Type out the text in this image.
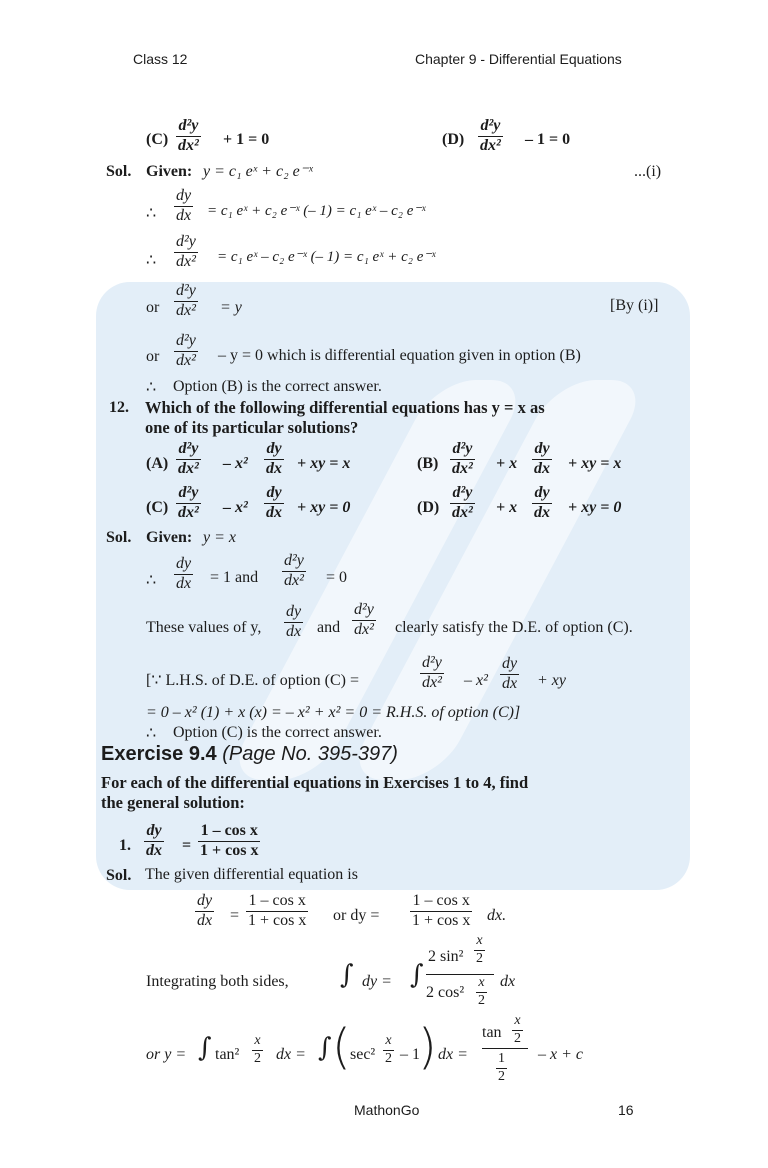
Class 12	Chapter 9 - Differential Equations
$(C) \frac{\text{d²y}}{\text{dx²}} + 1 = 0$	$(D) \frac{\text{d²y}}{\text{dx²}} - 1 = 0$
Sol. Given: y = c₁ eˣ + c₂ e⁻ˣ	...(i)
∴ $\frac{dy}{dx} = c_1$ eˣ + c₂ e⁻ˣ (– 1) = c₁ eˣ – c₂ e⁻ˣ
∴ $\frac{\text{d²y}}{\text{dx²}} = c_1$ eˣ – c₂ e⁻ˣ (– 1) = c₁ eˣ + c₂ e⁻ˣ
or $\frac{\text{d²y}}{\text{dx²}} = y$	[By (i)]
or $\frac{\text{d²y}}{\text{dx²}} - y = 0$ which is differential equation given in option (B)
∴ Option (B) is the correct answer.
12. Which of the following differential equations has y = x as
one of its particular solutions?
$(A) \frac{\text{d²y}}{\text{dx²}} - x^2 \frac{dy}{dx}$ + xy = x	$(B) \frac{\text{d²y}}{\text{dx²}} + x \frac{dy}{dx}$ + xy = x
$(C) \frac{\text{d²y}}{\text{dx²}} - x^2 \frac{dy}{dx}$ + xy = 0	$(D) \frac{\text{d²y}}{\text{dx²}} + x \frac{dy}{dx}$ + xy = 0
Sol. Given: y = x
∴ $\frac{dy}{dx} = 1$ and $\frac{\text{d²y}}{\text{dx²}} = 0$
These values of y, $\frac{dy}{dx}$ and $\frac{\text{d²y}}{\text{dx²}}$ clearly satisfy the D.E. of option (C).
[∵ L.H.S. of D.E. of option (C) =	$\frac{\text{d²y}}{\text{dx²}} - x^2 \frac{dy}{dx}$ + xy
= 0 – x² (1) + x (x) = – x² + x² = 0 = R.H.S. of option (C)]
∴ Option (C) is the correct answer.
Exercise 9.4 (Page No. 395-397)
For each of the differential equations in Exercises 1 to 4, find
the general solution:
1. $\frac{dy}{dx} = \frac{\text{1 – cos x}}{\text{1 + cos x}}$
Sol. The given differential equation is
$\frac{dy}{dx} = \frac{\text{1 – cos x}}{\text{1 + cos x}}$ or dy = $\frac{\text{1 – cos x}}{\text{1 + cos x}}$ dx.
Integrating both sides, ∫ dy = ∫
2 $\sin^2 \frac{x}{2}$
2 $\cos^2 \frac{x}{2}$ dx
or y = ∫ $\tan^2 \frac{x}{2}$ dx = ∫ ( $\sec^2 \frac{x}{2} - 1$
) dx =
$\tan \frac{x}{2}$
$\frac{1}{2} - x + c$
MathonGo	16
